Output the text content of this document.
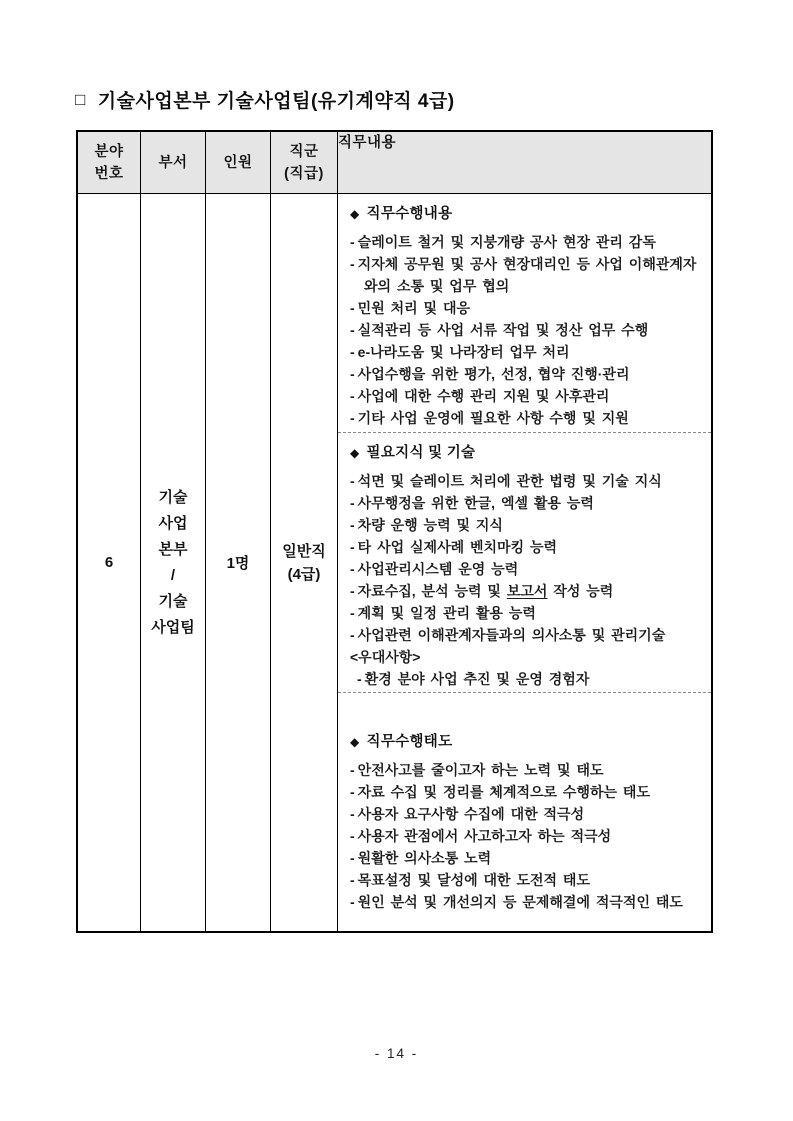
□ 기술사업본부 기술사업팀(유기계약직 4급)
분야
번호
부서	인원
직군
(직급)
직무내용
6
기술
사업
본부
/
기술
사업팀
1명
일반직
(4급)
◆ 직무수행내용
- 슬레이트 철거 및 지붕개량 공사 현장 관리 감독
- 지자체 공무원 및 공사 현장대리인 등 사업 이해관계자와의 소통 및 업무 협의
- 민원 처리 및 대응
- 실적관리 등 사업 서류 작업 및 정산 업무 수행
- e-나라도움 및 나라장터 업무 처리
- 사업수행을 위한 평가, 선정, 협약 진행·관리
- 사업에 대한 수행 관리 지원 및 사후관리
- 기타 사업 운영에 필요한 사항 수행 및 지원
◆ 필요지식 및 기술
- 석면 및 슬레이트 처리에 관한 법령 및 기술 지식
- 사무행정을 위한 한글, 엑셀 활용 능력
- 차량 운행 능력 및 지식
- 타 사업 실제사례 벤치마킹 능력
- 사업관리시스템 운영 능력
- 자료수집, 분석 능력 및 보고서 작성 능력
- 계획 및 일정 관리 활용 능력
- 사업관련 이해관계자들과의 의사소통 및 관리기술
<우대사항>
- 환경 분야 사업 추진 및 운영 경험자
◆ 직무수행태도
- 안전사고를 줄이고자 하는 노력 및 태도
- 자료 수집 및 정리를 체계적으로 수행하는 태도
- 사용자 요구사항 수집에 대한 적극성
- 사용자 관점에서 사고하고자 하는 적극성
- 원활한 의사소통 노력
- 목표설정 및 달성에 대한 도전적 태도
- 원인 분석 및 개선의지 등 문제해결에 적극적인 태도
- 14 -
